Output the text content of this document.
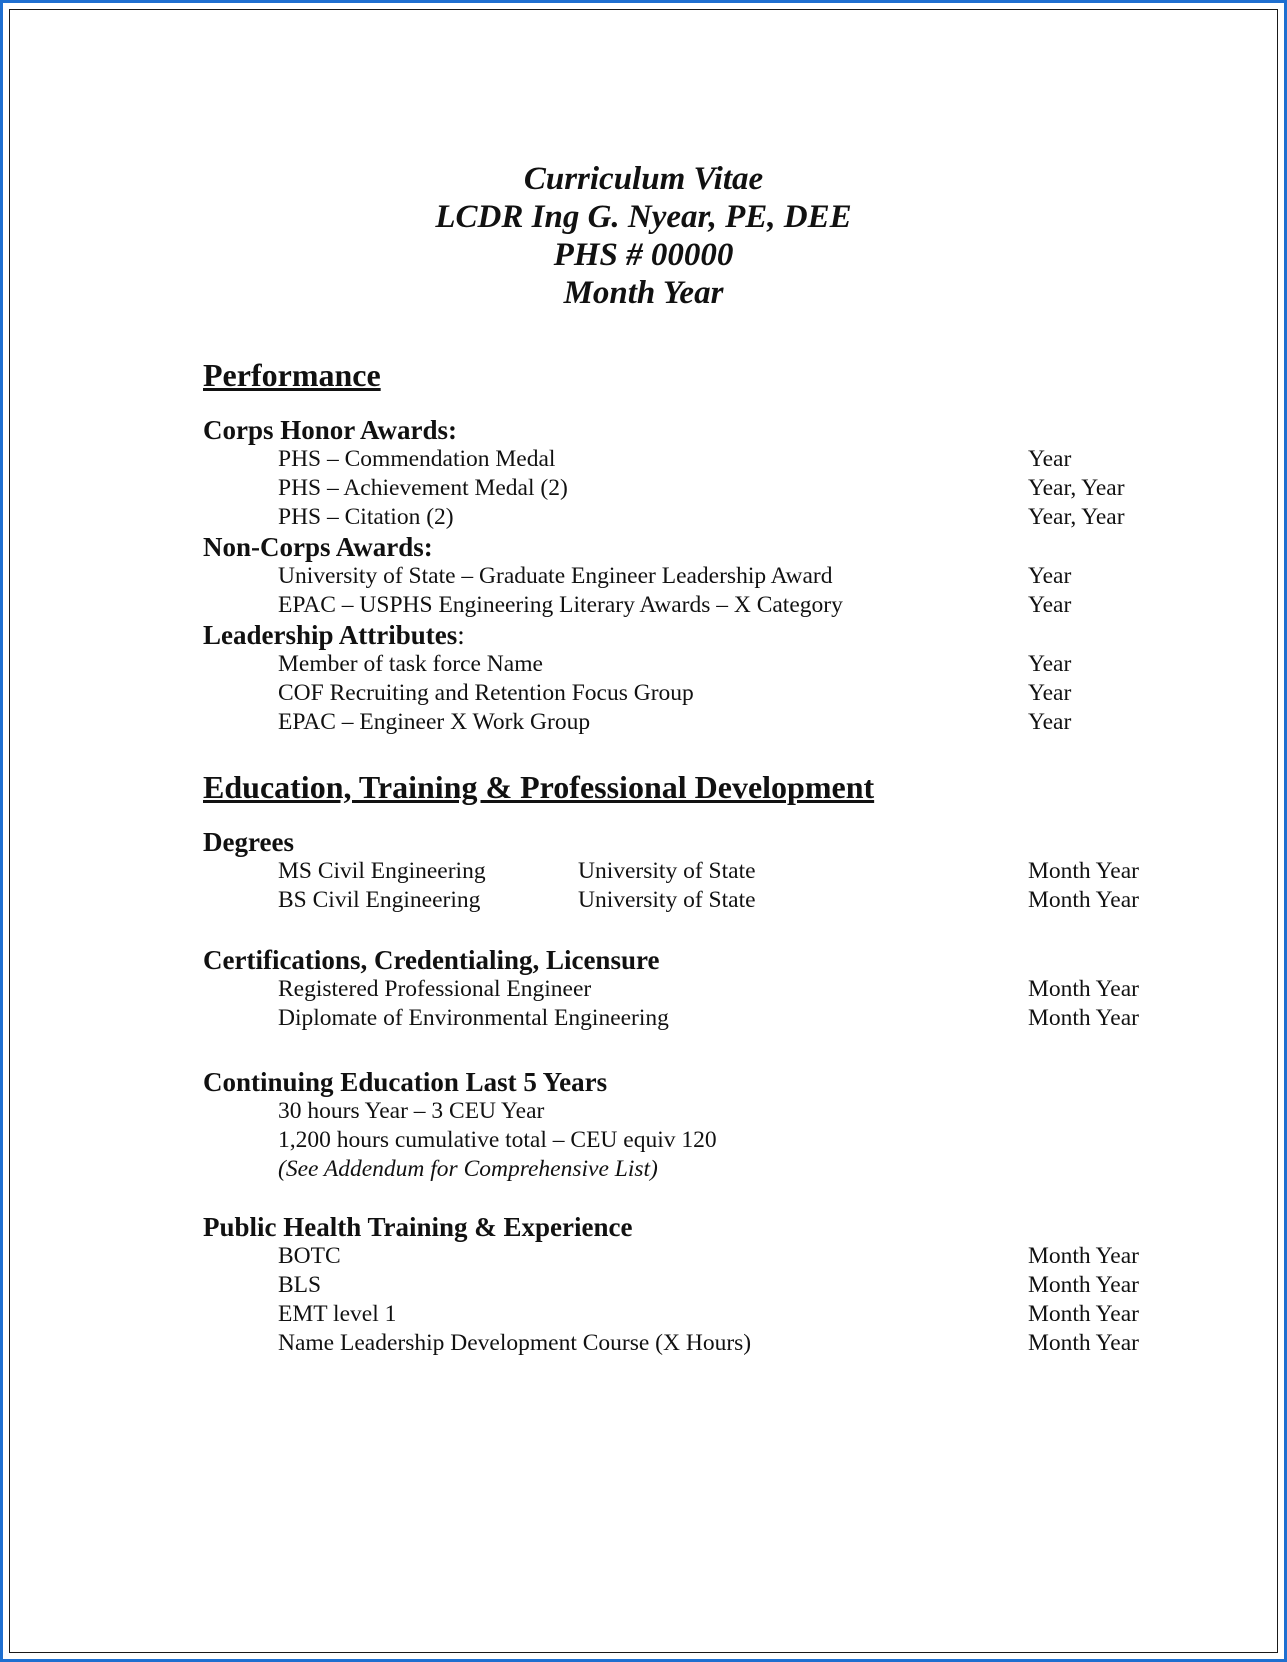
Curriculum Vitae
LCDR Ing G. Nyear, PE, DEE
PHS # 00000
Month Year
Performance
Corps Honor Awards:
PHS – Commendation Medal	Year
PHS – Achievement Medal (2)	Year, Year
PHS – Citation (2)	Year, Year
Non-Corps Awards:
University of State – Graduate Engineer Leadership Award	Year
EPAC – USPHS Engineering Literary Awards – X Category	Year
Leadership Attributes:
Member of task force Name	Year
COF Recruiting and Retention Focus Group	Year
EPAC – Engineer X Work Group	Year
Education, Training & Professional Development
Degrees
MS Civil Engineering	University of State	Month Year
BS Civil Engineering	University of State	Month Year
Certifications, Credentialing, Licensure
Registered Professional Engineer	Month Year
Diplomate of Environmental Engineering	Month Year
Continuing Education Last 5 Years
30 hours Year – 3 CEU Year
1,200 hours cumulative total – CEU equiv 120
(See Addendum for Comprehensive List)
Public Health Training & Experience
BOTC	Month Year
BLS	Month Year
EMT level 1	Month Year
Name Leadership Development Course (X Hours)	Month Year
